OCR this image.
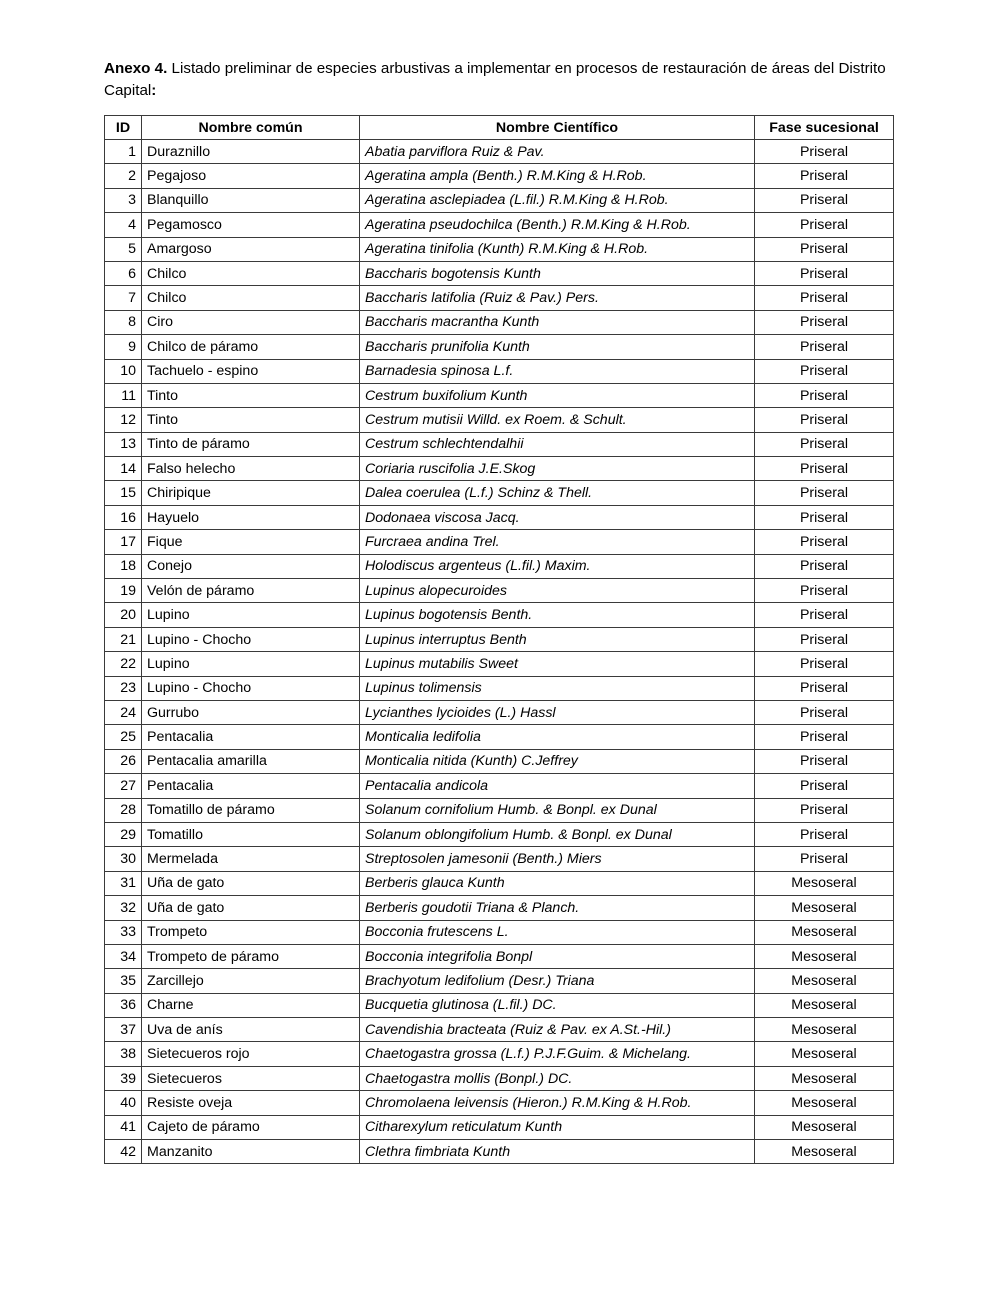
Anexo 4. Listado preliminar de especies arbustivas a implementar en procesos de restauración de áreas del Distrito Capital:

ID	Nombre común	Nombre Científico	Fase sucesional
1	Duraznillo	Abatia parviflora Ruiz & Pav.	Priseral
2	Pegajoso	Ageratina ampla (Benth.) R.M.King & H.Rob.	Priseral
3	Blanquillo	Ageratina asclepiadea (L.fil.) R.M.King & H.Rob.	Priseral
4	Pegamosco	Ageratina pseudochilca (Benth.) R.M.King & H.Rob.	Priseral
5	Amargoso	Ageratina tinifolia (Kunth) R.M.King & H.Rob.	Priseral
6	Chilco	Baccharis bogotensis Kunth	Priseral
7	Chilco	Baccharis latifolia (Ruiz & Pav.) Pers.	Priseral
8	Ciro	Baccharis macrantha Kunth	Priseral
9	Chilco de páramo	Baccharis prunifolia Kunth	Priseral
10	Tachuelo - espino	Barnadesia spinosa L.f.	Priseral
11	Tinto	Cestrum buxifolium Kunth	Priseral
12	Tinto	Cestrum mutisii Willd. ex Roem. & Schult.	Priseral
13	Tinto de páramo	Cestrum schlechtendalhii	Priseral
14	Falso helecho	Coriaria ruscifolia J.E.Skog	Priseral
15	Chiripique	Dalea coerulea (L.f.) Schinz & Thell.	Priseral
16	Hayuelo	Dodonaea viscosa Jacq.	Priseral
17	Fique	Furcraea andina Trel.	Priseral
18	Conejo	Holodiscus argenteus (L.fil.) Maxim.	Priseral
19	Velón de páramo	Lupinus alopecuroides	Priseral
20	Lupino	Lupinus bogotensis Benth.	Priseral
21	Lupino - Chocho	Lupinus interruptus Benth	Priseral
22	Lupino	Lupinus mutabilis Sweet	Priseral
23	Lupino - Chocho	Lupinus tolimensis	Priseral
24	Gurrubo	Lycianthes lycioides (L.) Hassl	Priseral
25	Pentacalia	Monticalia ledifolia	Priseral
26	Pentacalia amarilla	Monticalia nitida (Kunth) C.Jeffrey	Priseral
27	Pentacalia	Pentacalia andicola	Priseral
28	Tomatillo de páramo	Solanum cornifolium Humb. & Bonpl. ex Dunal	Priseral
29	Tomatillo	Solanum oblongifolium Humb. & Bonpl. ex Dunal	Priseral
30	Mermelada	Streptosolen jamesonii (Benth.) Miers	Priseral
31	Uña de gato	Berberis glauca Kunth	Mesoseral
32	Uña de gato	Berberis goudotii Triana & Planch.	Mesoseral
33	Trompeto	Bocconia frutescens L.	Mesoseral
34	Trompeto de páramo	Bocconia integrifolia Bonpl	Mesoseral
35	Zarcillejo	Brachyotum ledifolium (Desr.) Triana	Mesoseral
36	Charne	Bucquetia glutinosa (L.fil.) DC.	Mesoseral
37	Uva de anís	Cavendishia bracteata (Ruiz & Pav. ex A.St.-Hil.)	Mesoseral
38	Sietecueros rojo	Chaetogastra grossa (L.f.) P.J.F.Guim. & Michelang.	Mesoseral
39	Sietecueros	Chaetogastra mollis (Bonpl.) DC.	Mesoseral
40	Resiste oveja	Chromolaena leivensis (Hieron.) R.M.King & H.Rob.	Mesoseral
41	Cajeto de páramo	Citharexylum reticulatum Kunth	Mesoseral
42	Manzanito	Clethra fimbriata Kunth	Mesoseral
